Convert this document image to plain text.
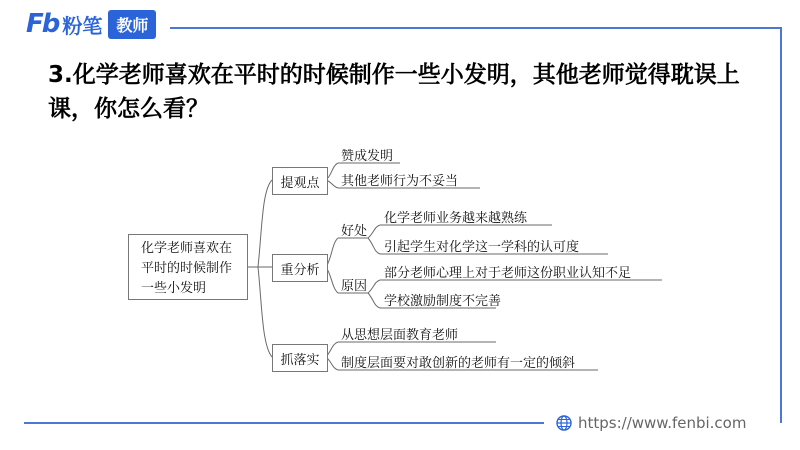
Fb 粉笔 教师
3.化学老师喜欢在平时的时候制作一些小发明，其他老师觉得耽误上课，你怎么看？
化学老师喜欢在
平时的时候制作
一些小发明
提观点
重分析
抓落实
赞成发明
其他老师行为不妥当
好处
原因
化学老师业务越来越熟练
引起学生对化学这一学科的认可度
部分老师心理上对于老师这份职业认知不足
学校激励制度不完善
从思想层面教育老师
制度层面要对敢创新的老师有一定的倾斜
https://www.fenbi.com
